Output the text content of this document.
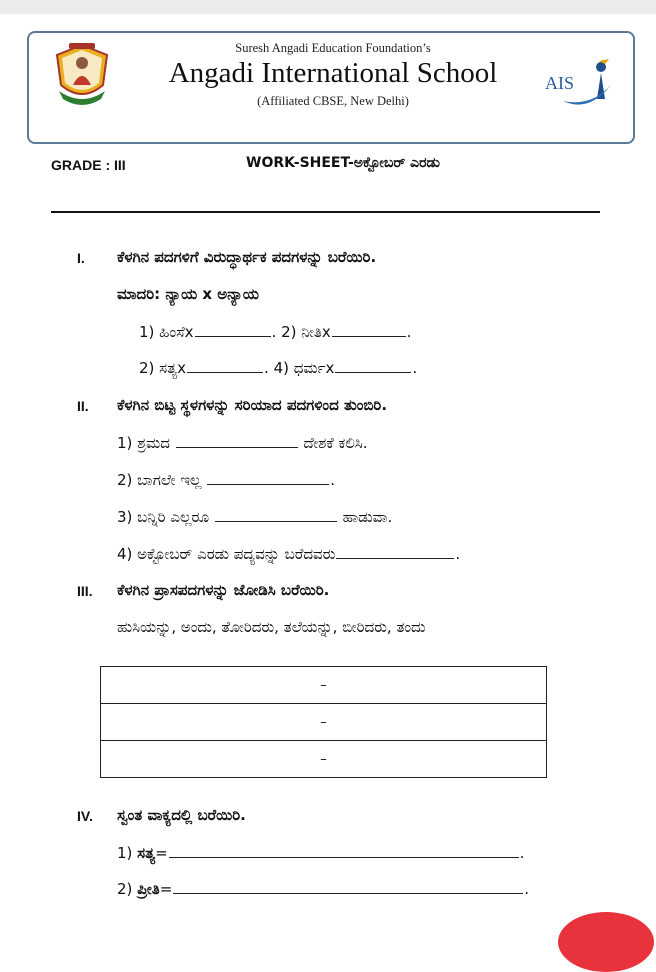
Suresh Angadi Education Foundation’s
Angadi International School
(Affiliated CBSE, New Delhi)
AIS
GRADE : III	WORK-SHEET-ಅಕ್ಟೋಬರ್ ಎರಡು
I. ಕೆಳಗಿನ ಪದಗಳಿಗೆ ವಿರುದ್ಧಾರ್ಥಕ ಪದಗಳನ್ನು ಬರೆಯಿರಿ.
ಮಾದರಿ: ನ್ಯಾಯ x ಅನ್ಯಾಯ
1) ಹಿಂಸೆx	. 2) ನೀತಿx	.
2) ಸತ್ಯx	. 4) ಧರ್ಮx	.
II. ಕೆಳಗಿನ ಬಿಟ್ಟ ಸ್ಥಳಗಳನ್ನು ಸರಿಯಾದ ಪದಗಳಿಂದ ತುಂಬಿರಿ.
1) ಶ್ರಮದ	ದೇಶಕೆ ಕಲಿಸಿ.
2) ಬಾಗಲೇ ಇಲ್ಲ	.
3) ಬನ್ನಿರಿ ಎಲ್ಲರೂ	ಹಾಡುವಾ.
4) ಅಕ್ಟೋಬರ್ ಎರಡು ಪದ್ಯವನ್ನು ಬರೆದವರು	.
III. ಕೆಳಗಿನ ಪ್ರಾಸಪದಗಳನ್ನು ಜೋಡಿಸಿ ಬರೆಯಿರಿ.
ಹುಸಿಯನ್ನು, ಅಂದು, ತೋರಿದರು, ತಲೆಯನ್ನು, ಬೀರಿದರು, ತಂದು
–
–
–
IV. ಸ್ವಂತ ವಾಕ್ಯದಲ್ಲಿ ಬರೆಯಿರಿ.
1) ಸತ್ಯ=	.
2) ಪ್ರೀತಿ=	.
